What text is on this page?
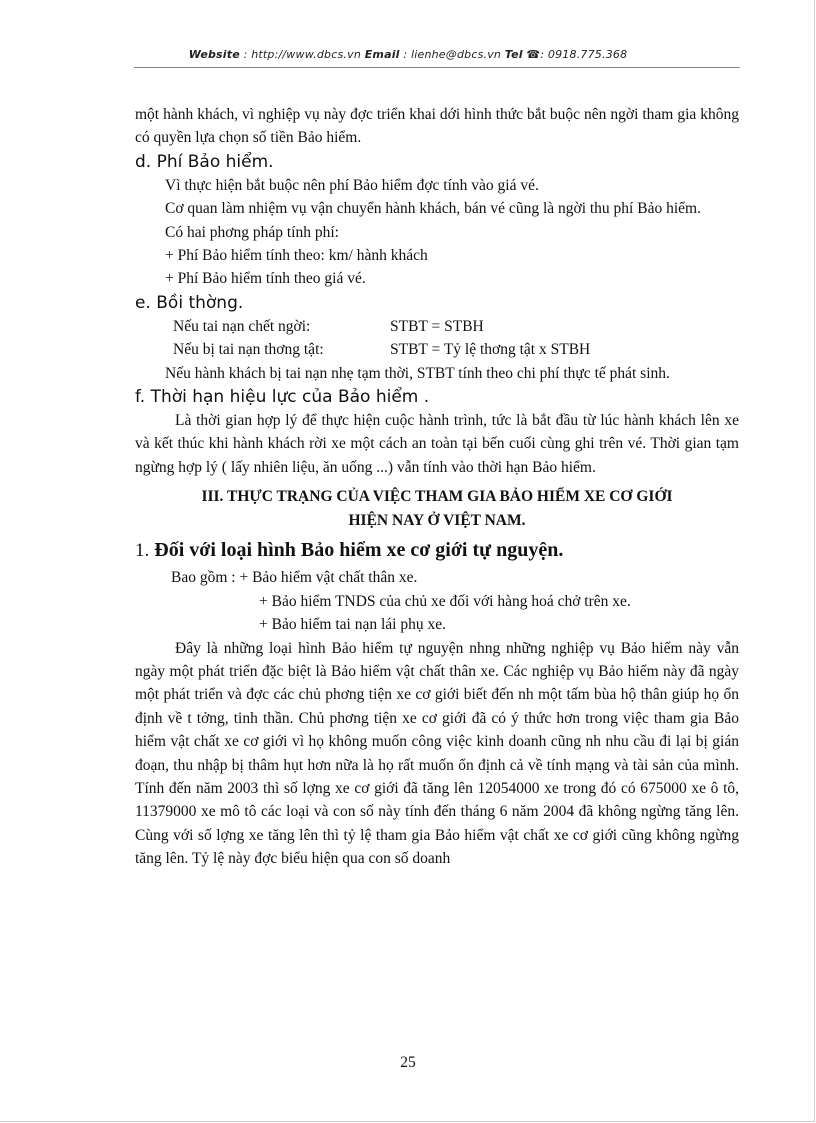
Website : http://www.dbcs.vn Email : lienhe@dbcs.vn Tel ☎: 0918.775.368

một hành khách, vì nghiệp vụ này đợc triển khai dới hình thức bắt buộc nên ngời tham gia không có quyền lựa chọn số tiền Bảo hiểm.

d. Phí Bảo hiểm.

Vì thực hiện bắt buộc nên phí Bảo hiểm đợc tính vào giá vé.

Cơ quan làm nhiệm vụ vận chuyển hành khách, bán vé cũng là ngời thu phí Bảo hiểm.

Có hai phơng pháp tính phí:

+ Phí Bảo hiểm tính theo: km/ hành khách

+ Phí Bảo hiểm tính theo giá vé.

e. Bồi thờng.

Nếu tai nạn chết ngời:	STBT = STBH
Nếu bị tai nạn thơng tật:	STBT = Tỷ lệ thơng tật x STBH

Nếu hành khách bị tai nạn nhẹ tạm thời, STBT tính theo chi phí thực tế phát sinh.

f. Thời hạn hiệu lực của Bảo hiểm .

Là thời gian hợp lý để thực hiện cuộc hành trình, tức là bắt đầu từ lúc hành khách lên xe và kết thúc khi hành khách rời xe một cách an toàn tại bến cuối cùng ghi trên vé. Thời gian tạm ngừng hợp lý ( lấy nhiên liệu, ăn uống ...) vẫn tính vào thời hạn Bảo hiểm.

III. THỰC TRẠNG CỦA VIỆC THAM GIA BẢO HIỂM XE CƠ GIỚI

HIỆN NAY Ở VIỆT NAM.

1. Đối với loại hình Bảo hiểm xe cơ giới tự nguyện.

Bao gồm : + Bảo hiểm vật chất thân xe.

+ Bảo hiểm TNDS của chủ xe đối với hàng hoá chở trên xe.

+ Bảo hiểm tai nạn lái phụ xe.

Đây là những loại hình Bảo hiểm tự nguyện nhng những nghiệp vụ Bảo hiểm này vẫn ngày một phát triển đặc biệt là Bảo hiểm vật chất thân xe. Các nghiệp vụ Bảo hiểm này đã ngày một phát triển và đợc các chủ phơng tiện xe cơ giới biết đến nh một tấm bùa hộ thân giúp họ ổn định về t tởng, tinh thần. Chủ phơng tiện xe cơ giới đã có ý thức hơn trong việc tham gia Bảo hiểm vật chất xe cơ giới vì họ không muốn công việc kinh doanh cũng nh nhu cầu đi lại bị gián đoạn, thu nhập bị thâm hụt hơn nữa là họ rất muốn ổn định cả về tính mạng và tài sản của mình. Tính đến năm 2003 thì số lợng xe cơ giới đã tăng lên 12054000 xe trong đó có 675000 xe ô tô, 11379000 xe mô tô các loại và con số này tính đến tháng 6 năm 2004 đã không ngừng tăng lên. Cùng với số lợng xe tăng lên thì tỷ lệ tham gia Bảo hiểm vật chất xe cơ giới cũng không ngừng tăng lên. Tỷ lệ này đợc biểu hiện qua con số doanh

25
